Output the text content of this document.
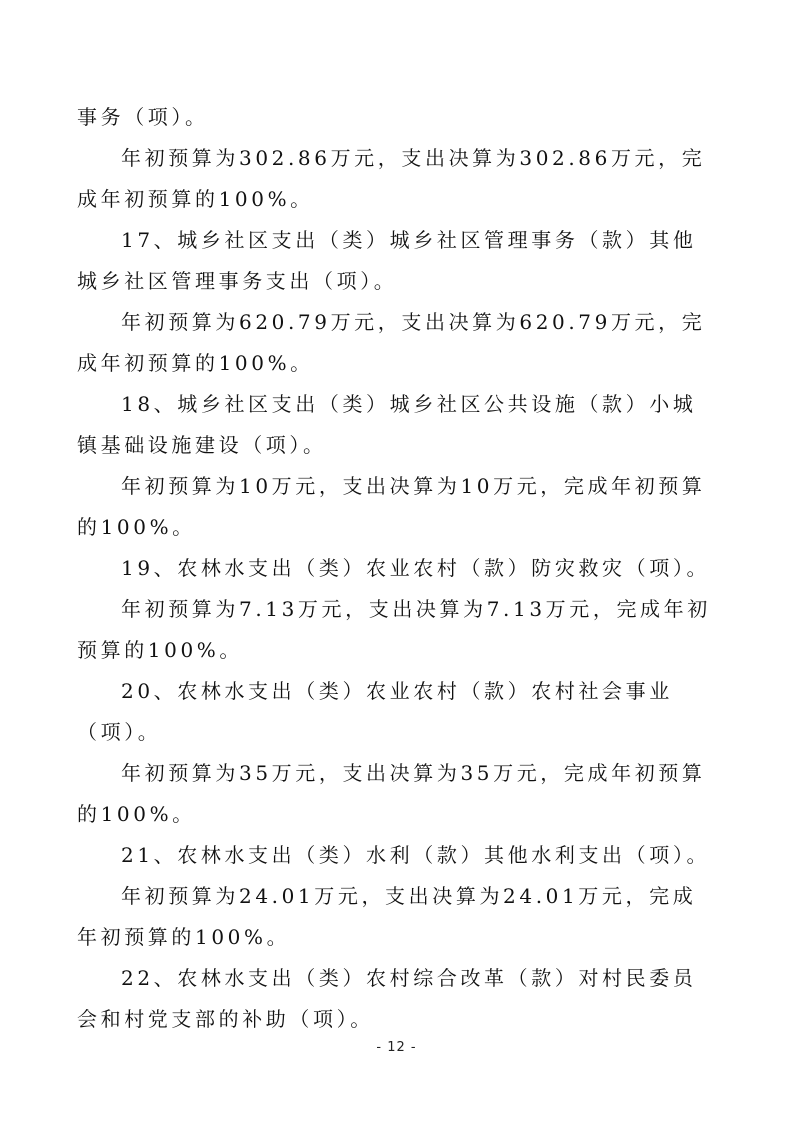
事务（项）。

年初预算为302.86万元，支出决算为302.86万元，完成年初预算的100%。

17、城乡社区支出（类）城乡社区管理事务（款）其他城乡社区管理事务支出（项）。

年初预算为620.79万元，支出决算为620.79万元，完成年初预算的100%。

18、城乡社区支出（类）城乡社区公共设施（款）小城镇基础设施建设（项）。

年初预算为10万元，支出决算为10万元，完成年初预算的100%。

19、农林水支出（类）农业农村（款）防灾救灾（项）。

年初预算为7.13万元，支出决算为7.13万元，完成年初预算的100%。

20、农林水支出（类）农业农村（款）农村社会事业（项）。

年初预算为35万元，支出决算为35万元，完成年初预算的100%。

21、农林水支出（类）水利（款）其他水利支出（项）。

年初预算为24.01万元，支出决算为24.01万元，完成年初预算的100%。

22、农林水支出（类）农村综合改革（款）对村民委员会和村党支部的补助（项）。

- 12 -
